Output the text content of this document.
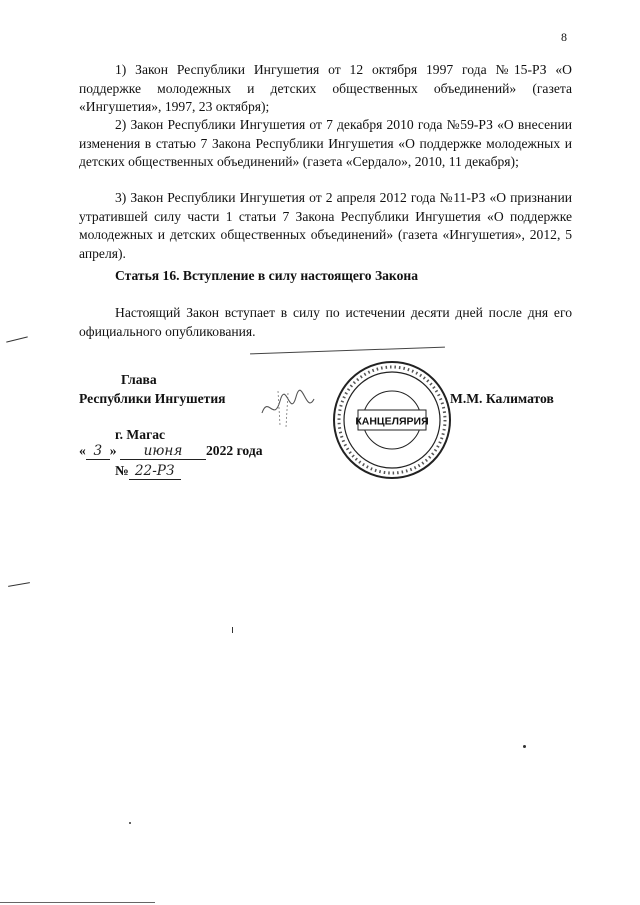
8

1) Закон Республики Ингушетия от 12 октября 1997 года №15-РЗ «О поддержке молодежных и детских общественных объединений» (газета «Ингушетия», 1997, 23 октября);

2) Закон Республики Ингушетия от 7 декабря 2010 года №59-РЗ «О внесении изменения в статью 7 Закона Республики Ингушетия «О поддержке молодежных и детских общественных объединений» (газета «Сердало», 2010, 11 декабря);

3) Закон Республики Ингушетия от 2 апреля 2012 года №11-РЗ «О признании утратившей силу части 1 статьи 7 Закона Республики Ингушетия «О поддержке молодежных и детских общественных объединений» (газета «Ингушетия», 2012, 5 апреля).

Статья 16. Вступление в силу настоящего Закона

Настоящий Закон вступает в силу по истечении десяти дней после дня его официального опубликования.

Глава
Республики Ингушетия	М.М. Калиматов
КАНЦЕЛЯРИЯ
г. Магас
« 3 » июня 2022 года
№ 22-РЗ
